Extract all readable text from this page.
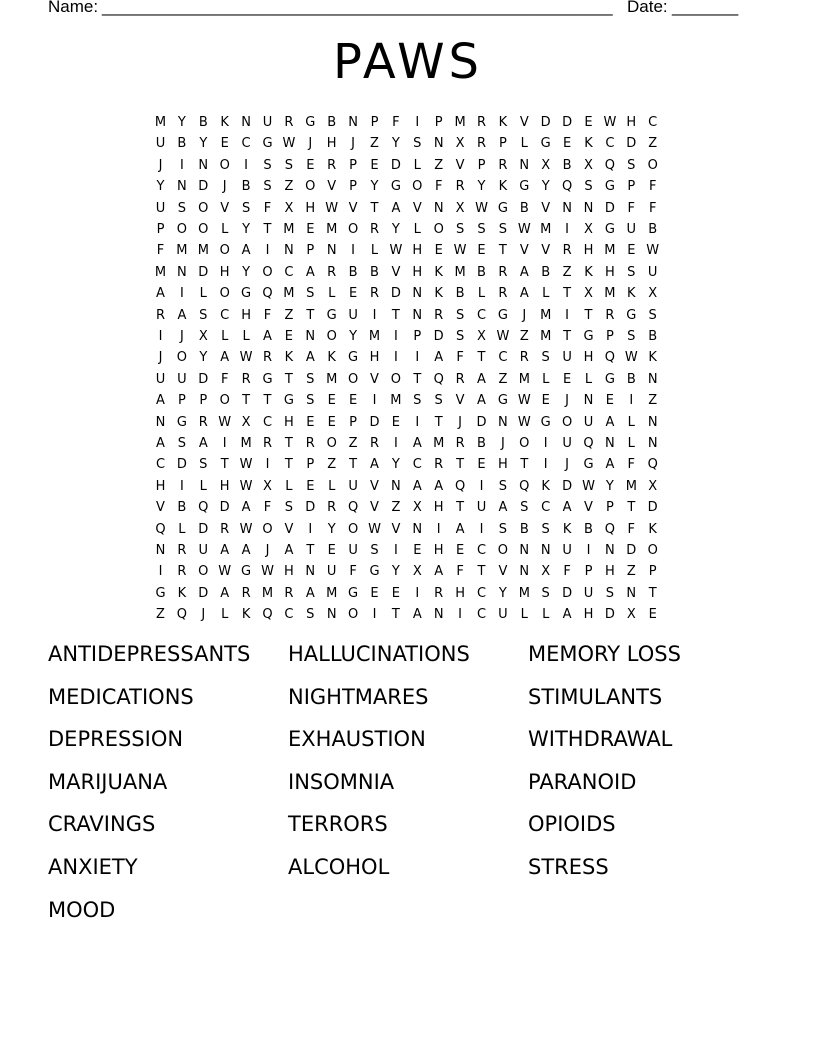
Name: ______________________________________________________ Date: _______
PAWS
M Y B K N U R G B N P	F	I	P M R K V D D E W H C
U B Y	E C G W	J	H	J	Z Y	S N X R P	L G E	K C D Z
J	I	N O	I	S	S	E R P	E D L	Z V	P R N X B X Q S O
Y N D	J	B S Z O V	P	Y G O F	R Y	K G Y Q S G P	F
U S O V S	F	X H W V T A V N X W G B V N N D F	F
P O O L	Y	T M E M O R Y	L O S	S	S W M	I	X G U B
F M M O A	I	N P N	I	L W H E W E	T V V R H M E W
M N D H Y O C A R B B V H K M B R A B Z K H S U
A	I	L O G Q M S	L	E R D N K B	L	R A	L	T X M K X
R A S C H F	Z T G U	I	T N R S C G	J	M	I	T R G S
I	J	X	L	L	A E N O Y M	I	P D S X W Z M T G P	S B
J	O Y A W R K A K G H	I	I	A	F	T C R S U H Q W K
U U D F	R G T	S M O V O T Q R A Z M L	E	L G B N
A	P	P O T	T G S	E	E	I	M S	S V A G W E	J	N E	I	Z
N G R W X C H E	E	P D E	I	T	J	D N W G O U A	L N
A S A	I	M R T R O Z R	I	A M R B	J	O	I	U Q N L N
C D S	T W	I	T	P	Z T A Y C R T	E H T	I	J	G A	F Q
H	I	L H W X	L	E	L	U V N A A Q	I	S Q K D W Y M X
V B Q D A	F	S D R Q V Z X H T U A S C A V	P	T D
Q L D R W O V	I	Y O W V N	I	A	I	S B S	K B Q F	K
N R U A A	J	A T	E U S	I	E H E C O N N U	I	N D O
I	R O W G W H N U F G Y X A	F	T V N X	F	P H Z	P
G K D A R M R A M G E	E	I	R H C Y M S D U S N T
Z Q	J	L	K Q C S N O	I	T A N	I	C U	L	L	A H D X E
ANTIDEPRESSANTS HALLUCINATIONS	MEMORY LOSS
MEDICATIONS	NIGHTMARES	STIMULANTS
DEPRESSION	EXHAUSTION	WITHDRAWAL
MARIJUANA	INSOMNIA	PARANOID
CRAVINGS	TERRORS	OPIOIDS
ANXIETY	ALCOHOL	STRESS
MOOD
